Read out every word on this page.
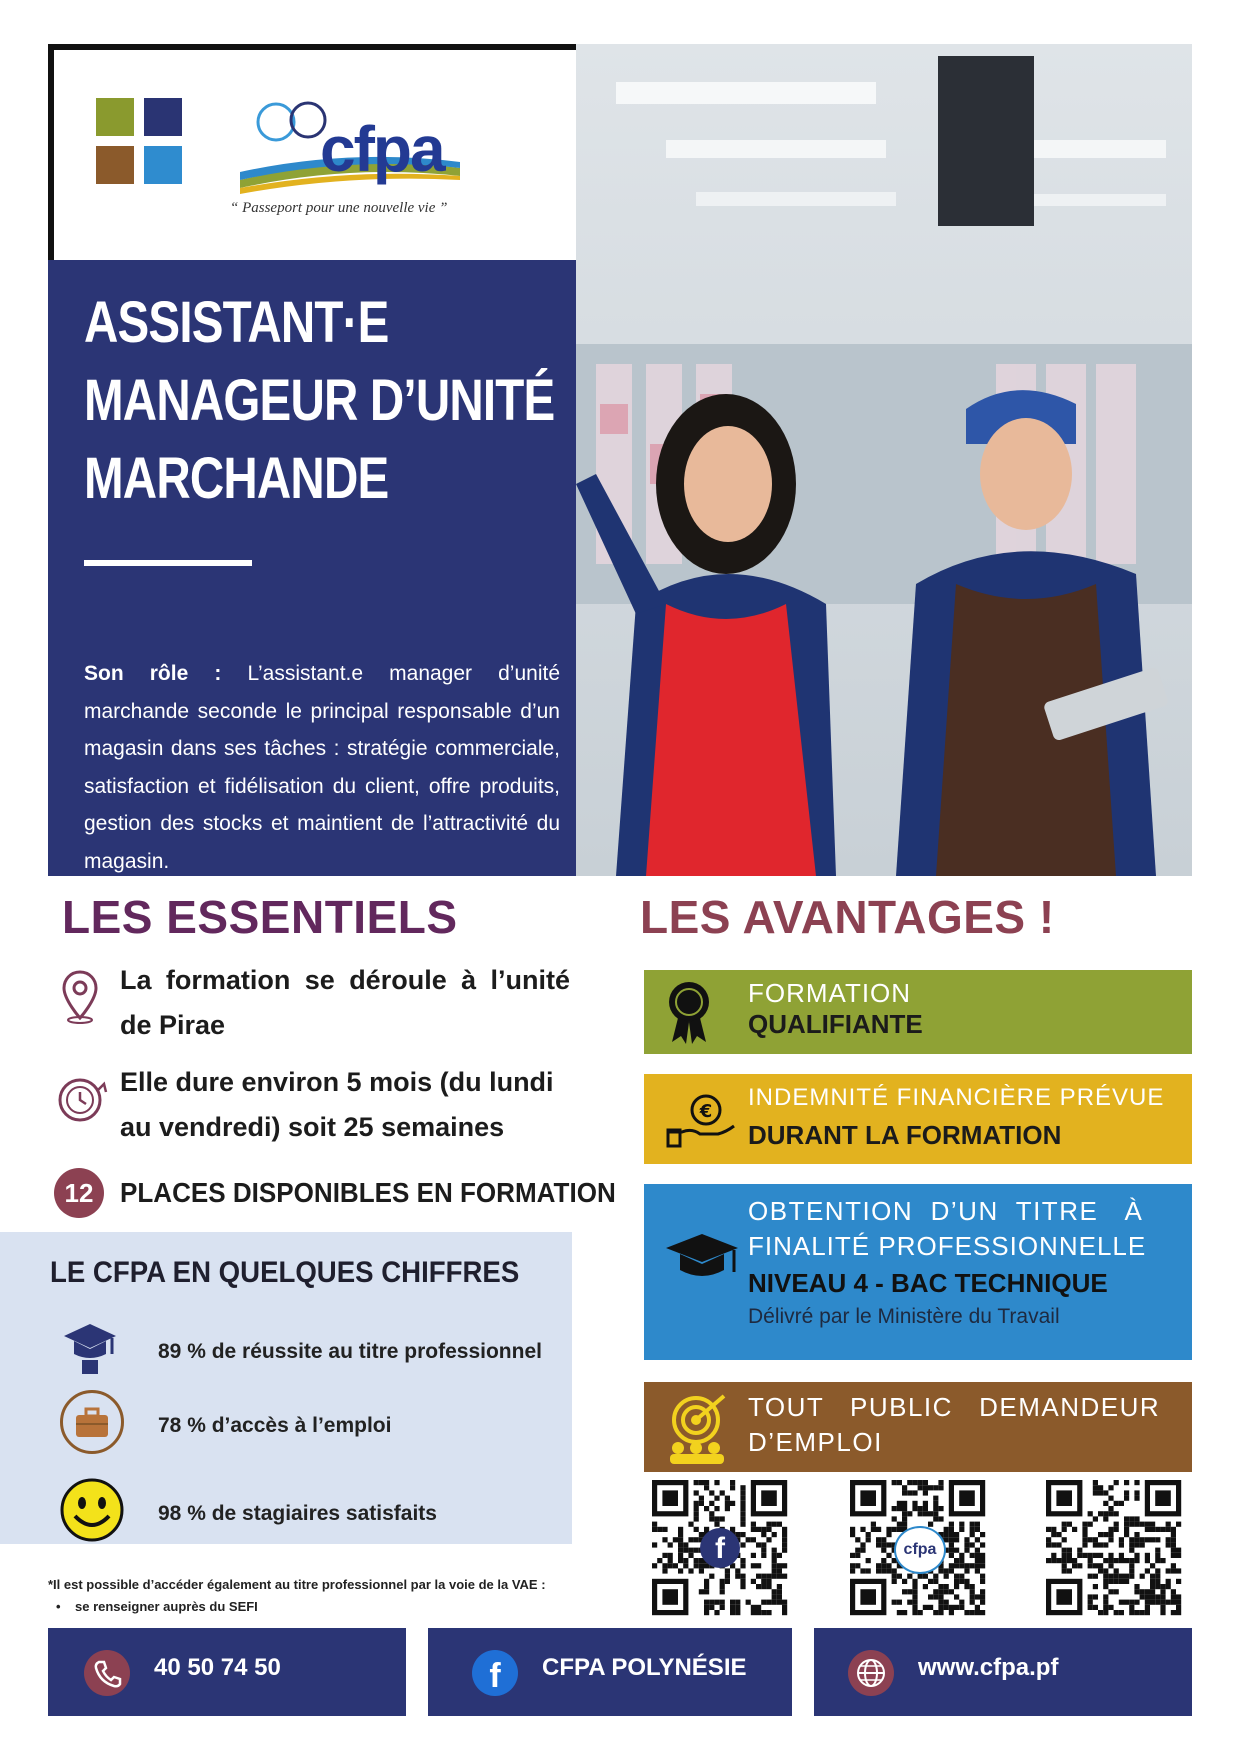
cfpa
“ Passeport pour une nouvelle vie ”
ASSISTANT·E
MANAGEUR D’UNITÉ
MARCHANDE

Son rôle : L’assistant.e manager d’unité marchande seconde le principal responsable d’un magasin dans ses tâches : stratégie commerciale, satisfaction et fidélisation du client, offre produits, gestion des stocks et maintient de l’attractivité du magasin.

LES ESSENTIELS
La formation se déroule à l’unité de Pirae
Elle dure environ 5 mois (du lundi au vendredi) soit 25 semaines
12 PLACES DISPONIBLES EN FORMATION
LE CFPA EN QUELQUES CHIFFRES
89 % de réussite au titre professionnel
78 % d’accès à l’emploi
98 % de stagiaires satisfaits
*Il est possible d’accéder également au titre professionnel par la voie de la VAE :
•    se renseigner auprès du SEFI
LES AVANTAGES !
FORMATION
QUALIFIANTE
€
INDEMNITÉ FINANCIÈRE PRÉVUE
DURANT LA FORMATION
OBTENTION  D’UN  TITRE   À
FINALITÉ PROFESSIONNELLE
NIVEAU 4 - BAC TECHNIQUE
Délivré par le Ministère du Travail
TOUT   PUBLIC   DEMANDEUR
D’EMPLOI
f	cfpa
40 50 74 50	f	CFPA POLYNÉSIE	www.cfpa.pf
